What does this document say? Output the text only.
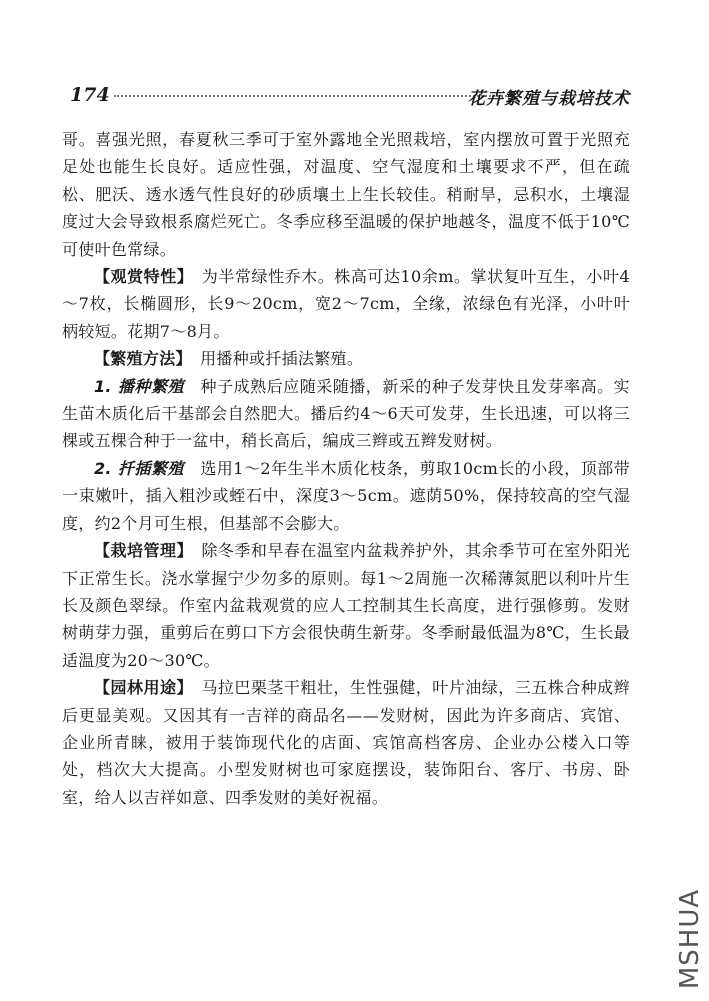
174	花卉繁殖与栽培技术

哥。喜强光照，春夏秋三季可于室外露地全光照栽培，室内摆放可置于光照充足处也能生长良好。适应性强，对温度、空气湿度和土壤要求不严，但在疏松、肥沃、透水透气性良好的砂质壤土上生长较佳。稍耐旱，忌积水，土壤湿度过大会导致根系腐烂死亡。冬季应移至温暖的保护地越冬，温度不低于10℃可使叶色常绿。

【观赏特性】　 为半常绿性乔木。株高可达10余m。掌状复叶互生，小叶4～7枚，长椭圆形，长9～20cm，宽2～7cm，全缘，浓绿色有光泽，小叶叶柄较短。花期7～8月。

【繁殖方法】　 用播种或扦插法繁殖。

1. 播种繁殖　 种子成熟后应随采随播，新采的种子发芽快且发芽率高。实生苗木质化后干基部会自然肥大。播后约4～6天可发芽，生长迅速，可以将三棵或五棵合种于一盆中，稍长高后，编成三辫或五辫发财树。

2. 扦插繁殖　 选用1～2年生半木质化枝条，剪取10cm长的小段，顶部带一束嫩叶，插入粗沙或蛭石中，深度3～5cm。遮荫50%，保持较高的空气湿度，约2个月可生根，但基部不会膨大。

【栽培管理】　 除冬季和早春在温室内盆栽养护外，其余季节可在室外阳光下正常生长。浇水掌握宁少勿多的原则。每1～2周施一次稀薄氮肥以利叶片生长及颜色翠绿。作室内盆栽观赏的应人工控制其生长高度，进行强修剪。发财树萌芽力强，重剪后在剪口下方会很快萌生新芽。冬季耐最低温为8℃，生长最适温度为20～30℃。

【园林用途】　 马拉巴栗茎干粗壮，生性强健，叶片油绿，三五株合种成辫后更显美观。又因其有一吉祥的商品名——发财树，因此为许多商店、宾馆、企业所青睐，被用于装饰现代化的店面、宾馆高档客房、企业办公楼入口等处，档次大大提高。小型发财树也可家庭摆设，装饰阳台、客厅、书房、卧室，给人以吉祥如意、四季发财的美好祝福。

MSHUA
